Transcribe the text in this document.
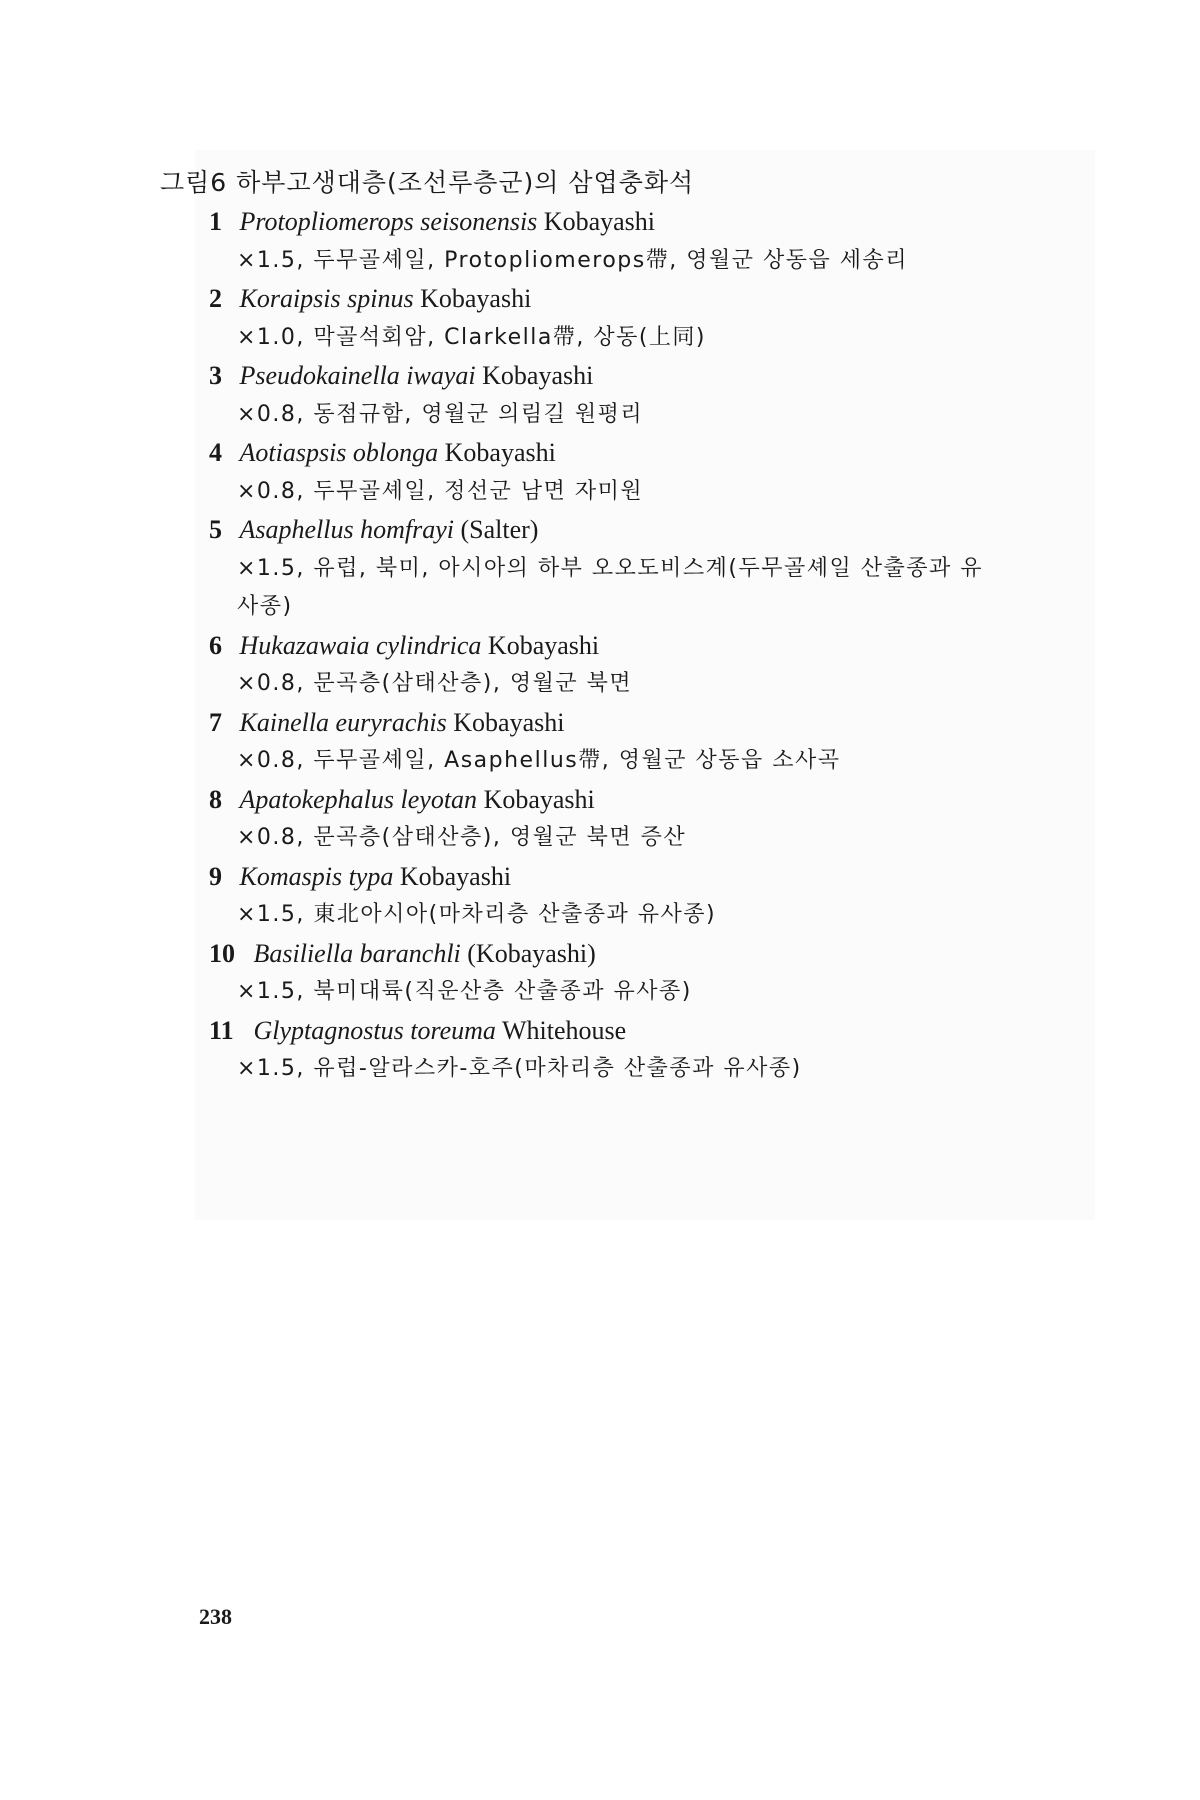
그림6 하부고생대층(조선루층군)의 삼엽충화석
1 Protopliomerops seisonensis Kobayashi
×1.5, 두무골셰일, Protopliomerops帶, 영월군 상동읍 세송리
2 Koraipsis spinus Kobayashi
×1.0, 막골석회암, Clarkella帶, 상동(上同)
3 Pseudokainella iwayai Kobayashi
×0.8, 동점규함, 영월군 의림길 원평리
4 Aotiaspsis oblonga Kobayashi
×0.8, 두무골셰일, 정선군 남면 자미원
5 Asaphellus homfrayi (Salter)
×1.5, 유럽, 북미, 아시아의 하부 오오도비스계(두무골셰일 산출종과 유사종)
6 Hukazawaia cylindrica Kobayashi
×0.8, 문곡층(삼태산층), 영월군 북면
7 Kainella euryrachis Kobayashi
×0.8, 두무골셰일, Asaphellus帶, 영월군 상동읍 소사곡
8 Apatokephalus leyotan Kobayashi
×0.8, 문곡층(삼태산층), 영월군 북면 증산
9 Komaspis typa Kobayashi
×1.5, 東北아시아(마차리층 산출종과 유사종)
10 Basiliella baranchli (Kobayashi)
×1.5, 북미대륙(직운산층 산출종과 유사종)
11 Glyptagnostus toreuma Whitehouse
×1.5, 유럽-알라스카-호주(마차리층 산출종과 유사종)
238
